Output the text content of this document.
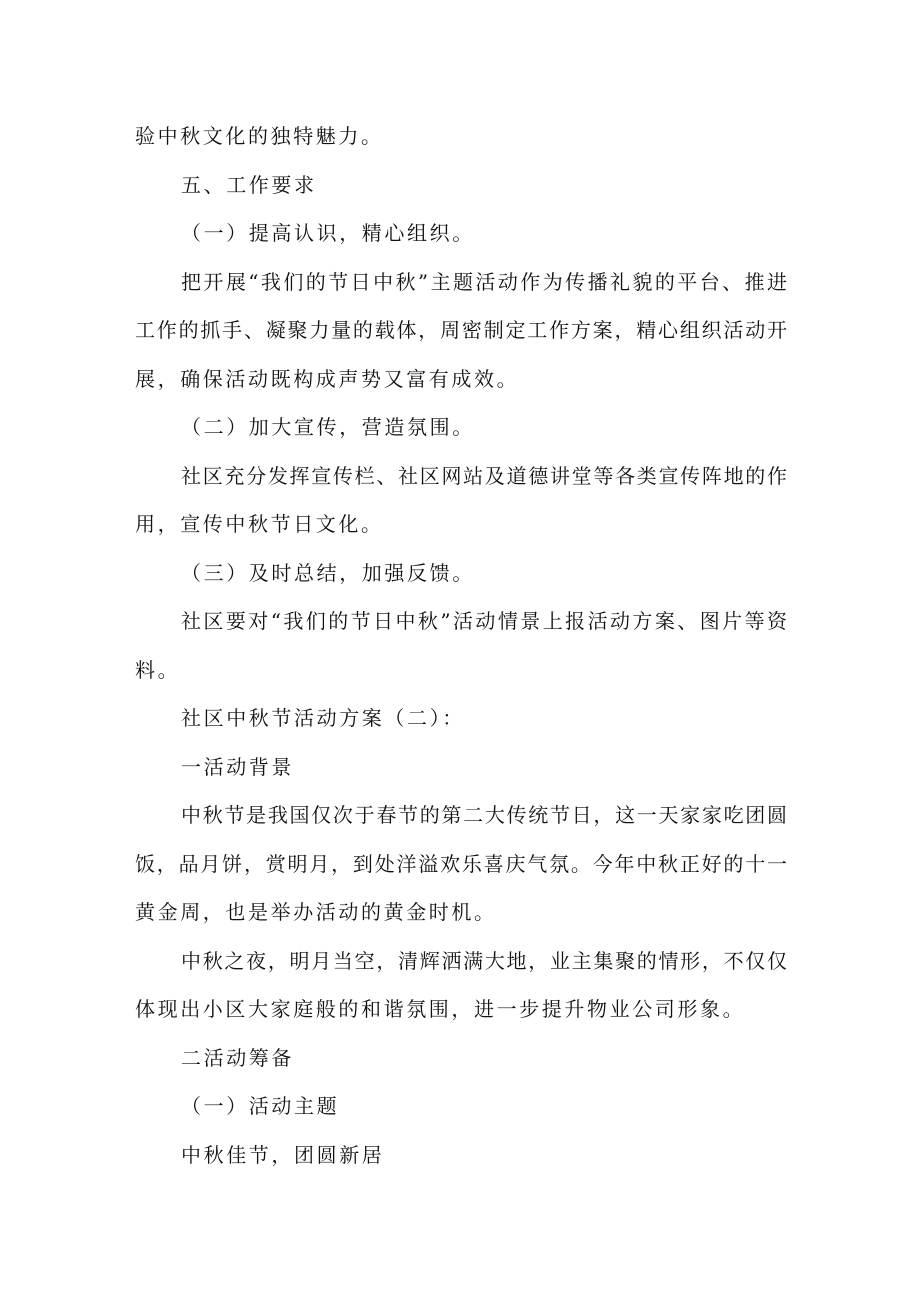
验中秋文化的独特魅力。
五、工作要求
（一）提高认识，精心组织。
把开展“我们的节日中秋”主题活动作为传播礼貌的平台、推进
工作的抓手、凝聚力量的载体，周密制定工作方案，精心组织活动开
展，确保活动既构成声势又富有成效。
（二）加大宣传，营造氛围。
社区充分发挥宣传栏、社区网站及道德讲堂等各类宣传阵地的作
用，宣传中秋节日文化。
（三）及时总结，加强反馈。
社区要对“我们的节日中秋”活动情景上报活动方案、图片等资
料。
社区中秋节活动方案（二）：
一活动背景
中秋节是我国仅次于春节的第二大传统节日，这一天家家吃团圆
饭，品月饼，赏明月，到处洋溢欢乐喜庆气氛。今年中秋正好的十一
黄金周，也是举办活动的黄金时机。
中秋之夜，明月当空，清辉洒满大地，业主集聚的情形，不仅仅
体现出小区大家庭般的和谐氛围，进一步提升物业公司形象。
二活动筹备
（一）活动主题
中秋佳节，团圆新居
